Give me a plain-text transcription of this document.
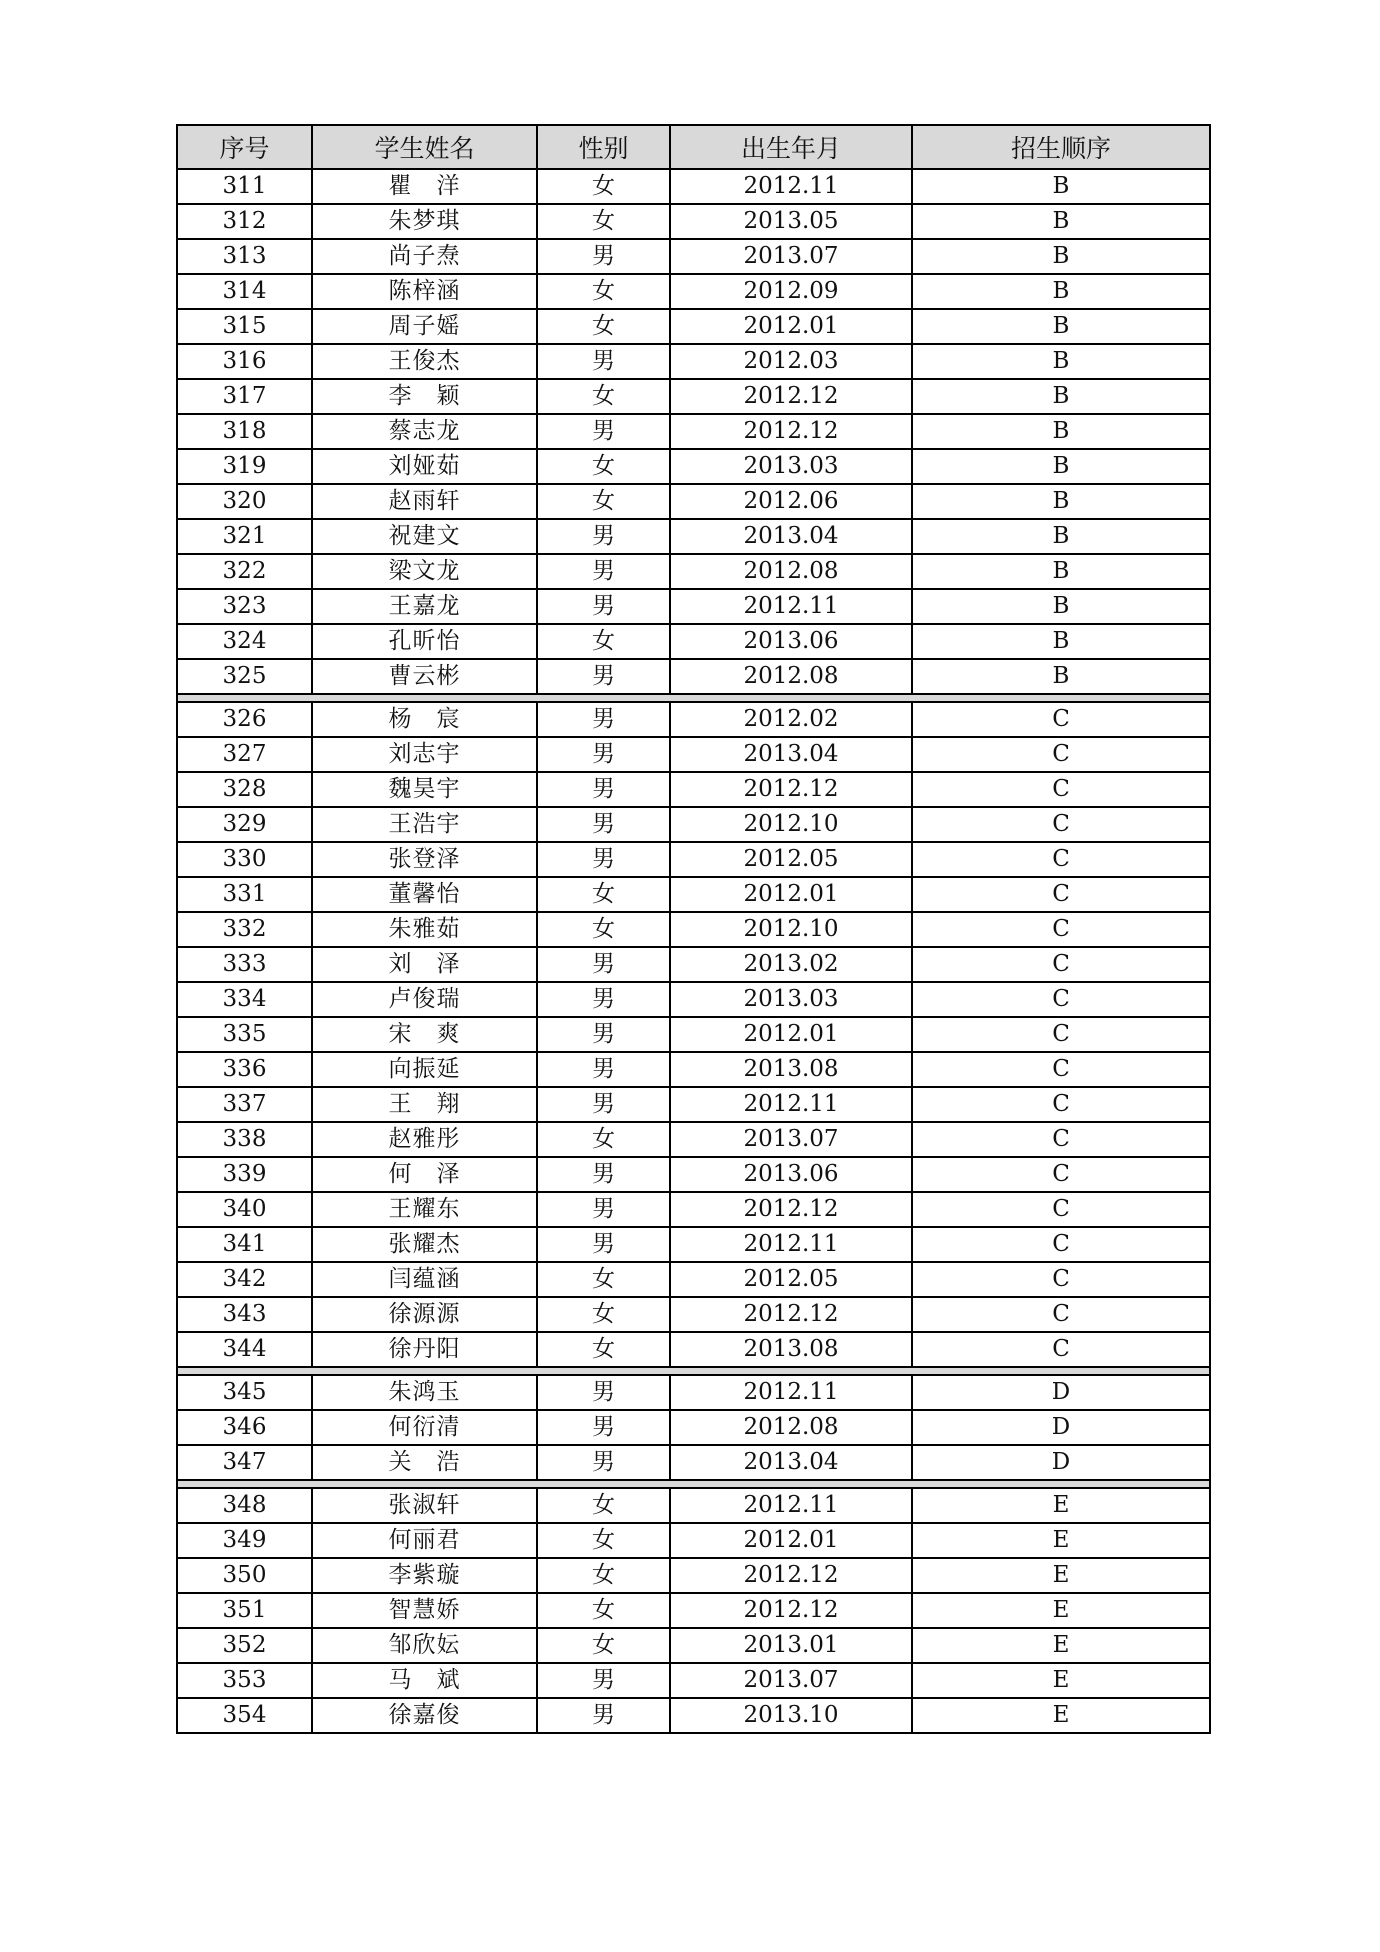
序号	学生姓名	性别	出生年月	招生顺序
311	瞿　洋	女	2012.11	B
312	朱梦琪	女	2013.05	B
313	尚子焘	男	2013.07	B
314	陈梓涵	女	2012.09	B
315	周子媱	女	2012.01	B
316	王俊杰	男	2012.03	B
317	李　颖	女	2012.12	B
318	蔡志龙	男	2012.12	B
319	刘娅茹	女	2013.03	B
320	赵雨轩	女	2012.06	B
321	祝建文	男	2013.04	B
322	梁文龙	男	2012.08	B
323	王嘉龙	男	2012.11	B
324	孔昕怡	女	2013.06	B
325	曹云彬	男	2012.08	B

326	杨　宸	男	2012.02	C
327	刘志宇	男	2013.04	C
328	魏昊宇	男	2012.12	C
329	王浩宇	男	2012.10	C
330	张登泽	男	2012.05	C
331	董馨怡	女	2012.01	C
332	朱雅茹	女	2012.10	C
333	刘　泽	男	2013.02	C
334	卢俊瑞	男	2013.03	C
335	宋　爽	男	2012.01	C
336	向振延	男	2013.08	C
337	王　翔	男	2012.11	C
338	赵雅彤	女	2013.07	C
339	何　泽	男	2013.06	C
340	王耀东	男	2012.12	C
341	张耀杰	男	2012.11	C
342	闫蕴涵	女	2012.05	C
343	徐源源	女	2012.12	C
344	徐丹阳	女	2013.08	C

345	朱鸿玉	男	2012.11	D
346	何衍清	男	2012.08	D
347	关　浩	男	2013.04	D

348	张淑轩	女	2012.11	E
349	何丽君	女	2012.01	E
350	李紫璇	女	2012.12	E
351	智慧娇	女	2012.12	E
352	邹欣妘	女	2013.01	E
353	马　斌	男	2013.07	E
354	徐嘉俊	男	2013.10	E
